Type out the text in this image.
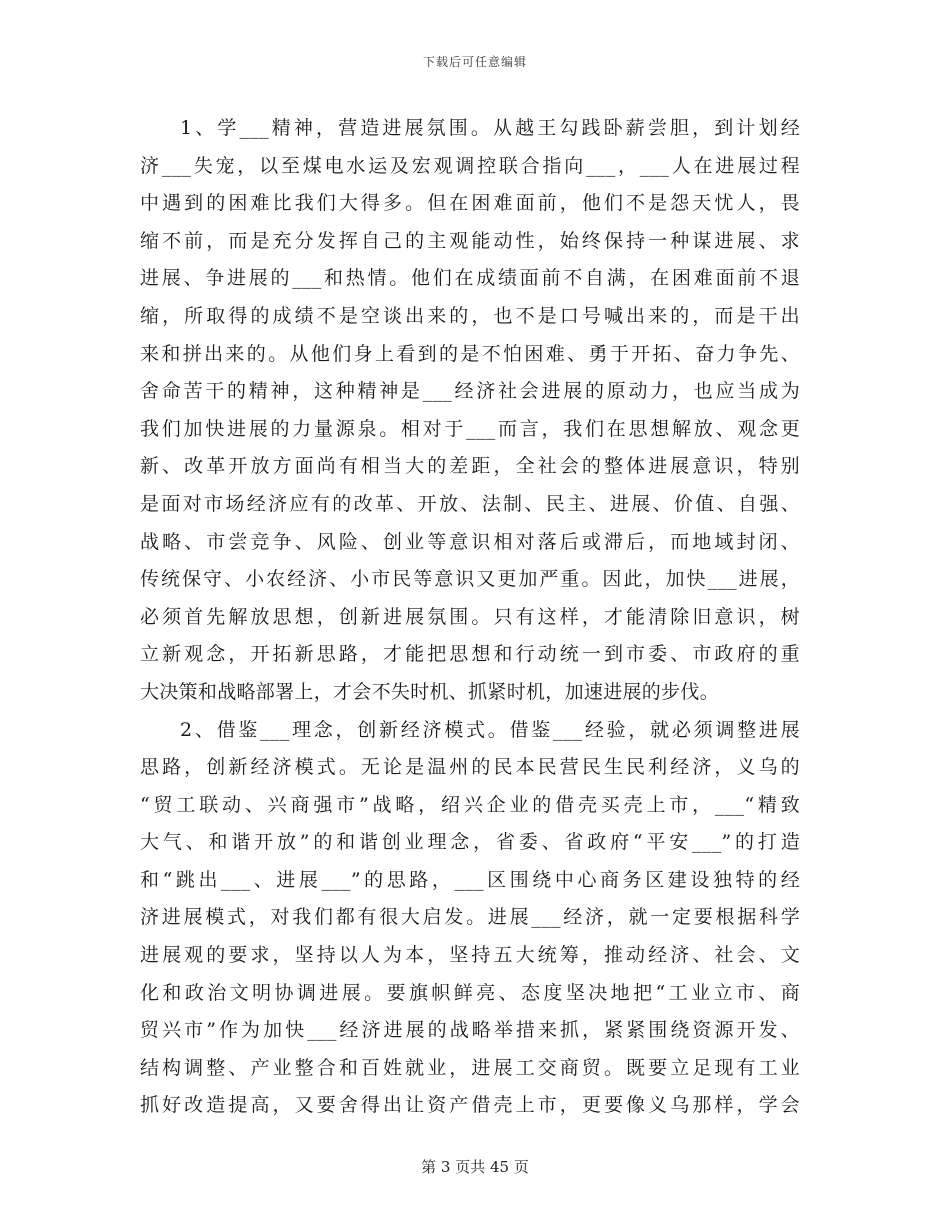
下载后可任意编辑
1、学___精神，营造进展氛围。从越王勾践卧薪尝胆，到计划经
济___失宠，以至煤电水运及宏观调控联合指向___，___人在进展过程
中遇到的困难比我们大得多。但在困难面前，他们不是怨天忧人，畏
缩不前，而是充分发挥自己的主观能动性，始终保持一种谋进展、求
进展、争进展的___和热情。他们在成绩面前不自满，在困难面前不退
缩，所取得的成绩不是空谈出来的，也不是口号喊出来的，而是干出
来和拼出来的。从他们身上看到的是不怕困难、勇于开拓、奋力争先、
舍命苦干的精神，这种精神是___经济社会进展的原动力，也应当成为
我们加快进展的力量源泉。相对于___而言，我们在思想解放、观念更
新、改革开放方面尚有相当大的差距，全社会的整体进展意识，特别
是面对市场经济应有的改革、开放、法制、民主、进展、价值、自强、
战略、市尝竞争、风险、创业等意识相对落后或滞后，而地域封闭、
传统保守、小农经济、小市民等意识又更加严重。因此，加快___进展，
必须首先解放思想，创新进展氛围。只有这样，才能清除旧意识，树
立新观念，开拓新思路，才能把思想和行动统一到市委、市政府的重
大决策和战略部署上，才会不失时机、抓紧时机，加速进展的步伐。
2、借鉴___理念，创新经济模式。借鉴___经验，就必须调整进展
思路，创新经济模式。无论是温州的民本民营民生民利经济，义乌的
“贸工联动、兴商强市”战略，绍兴企业的借壳买壳上市，___“精致
大气、和谐开放”的和谐创业理念，省委、省政府“平安___”的打造
和“跳出___、进展___”的思路，___区围绕中心商务区建设独特的经
济进展模式，对我们都有很大启发。进展___经济，就一定要根据科学
进展观的要求，坚持以人为本，坚持五大统筹，推动经济、社会、文
化和政治文明协调进展。要旗帜鲜亮、态度坚决地把“工业立市、商
贸兴市”作为加快___经济进展的战略举措来抓，紧紧围绕资源开发、
结构调整、产业整合和百姓就业，进展工交商贸。既要立足现有工业
抓好改造提高，又要舍得出让资产借壳上市，更要像义乌那样，学会
第 3 页共 45 页
